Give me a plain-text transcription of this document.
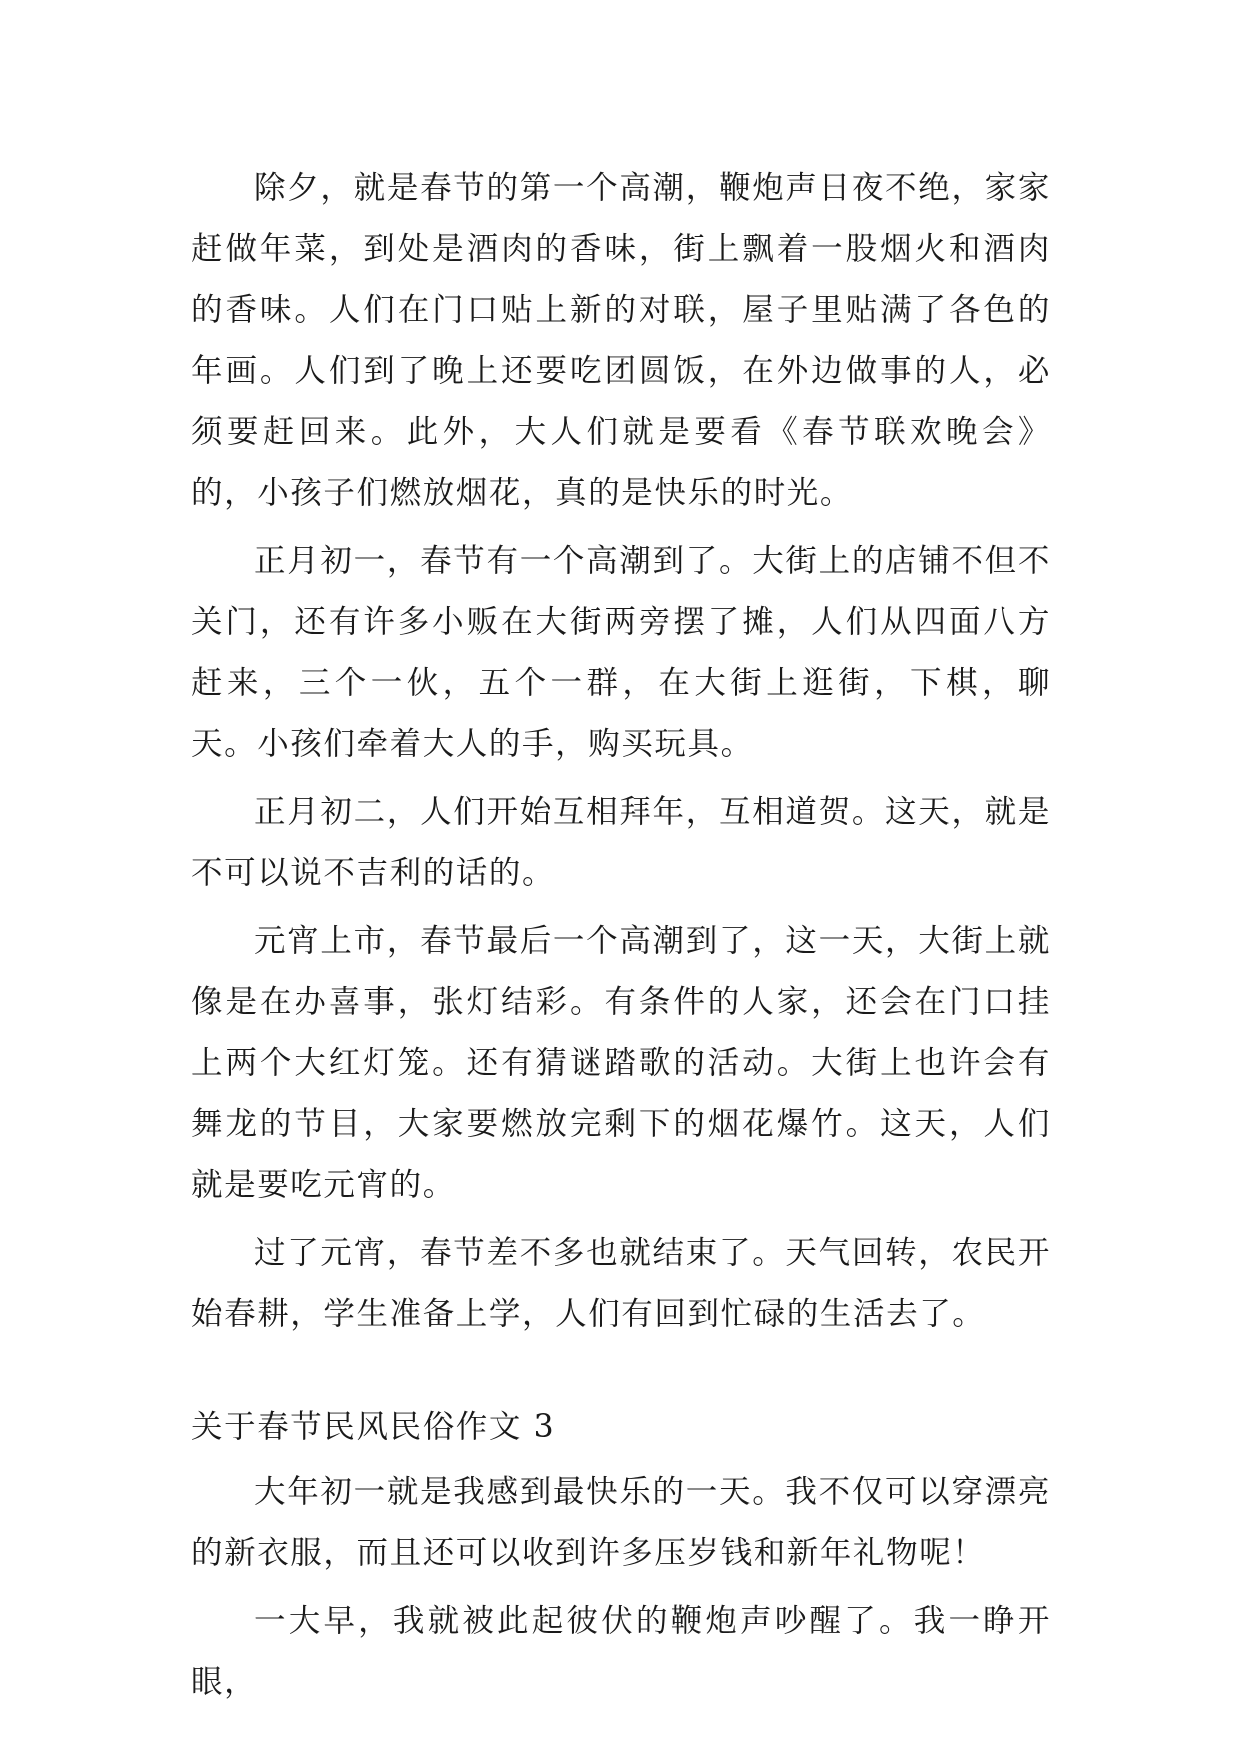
除夕，就是春节的第一个高潮，鞭炮声日夜不绝，家家赶做年菜，到处是酒肉的香味，街上飘着一股烟火和酒肉的香味。人们在门口贴上新的对联，屋子里贴满了各色的年画。人们到了晚上还要吃团圆饭，在外边做事的人，必须要赶回来。此外，大人们就是要看《春节联欢晚会》的，小孩子们燃放烟花，真的是快乐的时光。

正月初一，春节有一个高潮到了。大街上的店铺不但不关门，还有许多小贩在大街两旁摆了摊，人们从四面八方赶来，三个一伙，五个一群，在大街上逛街，下棋，聊天。小孩们牵着大人的手，购买玩具。

正月初二，人们开始互相拜年，互相道贺。这天，就是不可以说不吉利的话的。

元宵上市，春节最后一个高潮到了，这一天，大街上就像是在办喜事，张灯结彩。有条件的人家，还会在门口挂上两个大红灯笼。还有猜谜踏歌的活动。大街上也许会有舞龙的节目，大家要燃放完剩下的烟花爆竹。这天，人们就是要吃元宵的。

过了元宵，春节差不多也就结束了。天气回转，农民开始春耕，学生准备上学，人们有回到忙碌的生活去了。

关于春节民风民俗作文 3

大年初一就是我感到最快乐的一天。我不仅可以穿漂亮的新衣服，而且还可以收到许多压岁钱和新年礼物呢！

一大早，我就被此起彼伏的鞭炮声吵醒了。我一睁开眼，
